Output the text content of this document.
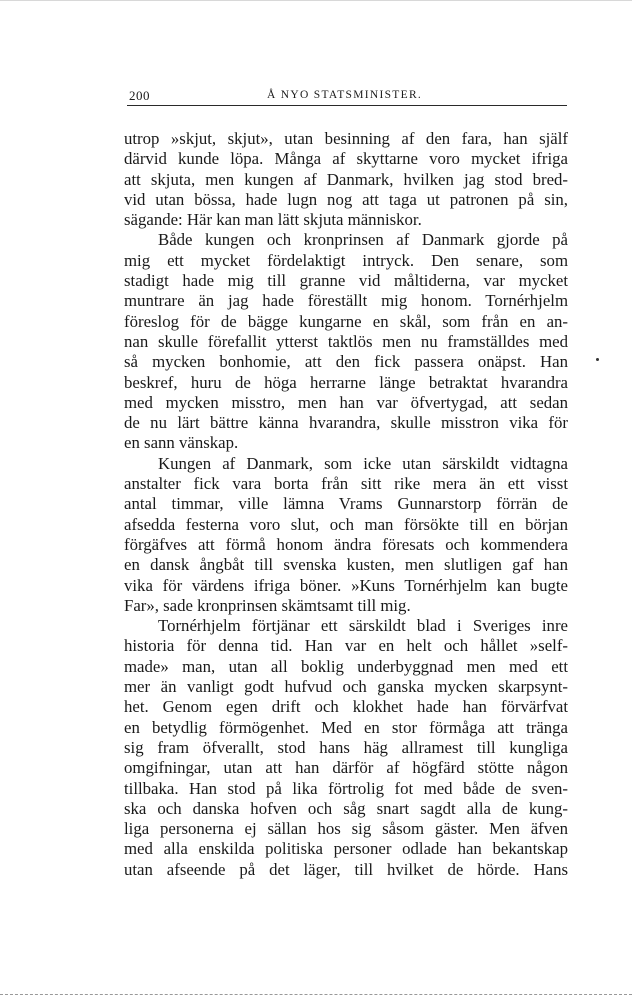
200	Å NYO STATSMINISTER.
utrop »skjut, skjut», utan besinning af den fara, han själf
därvid kunde löpa. Många af skyttarne voro mycket ifriga
att skjuta, men kungen af Danmark, hvilken jag stod bred-
vid utan bössa, hade lugn nog att taga ut patronen på sin,
sägande: Här kan man lätt skjuta människor.
Både kungen och kronprinsen af Danmark gjorde på
mig ett mycket fördelaktigt intryck. Den senare, som
stadigt hade mig till granne vid måltiderna, var mycket
muntrare än jag hade föreställt mig honom. Tornérhjelm
föreslog för de bägge kungarne en skål, som från en an-
nan skulle förefallit ytterst taktlös men nu framställdes med
så mycken bonhomie, att den fick passera onäpst. Han
beskref, huru de höga herrarne länge betraktat hvarandra
med mycken misstro, men han var öfvertygad, att sedan
de nu lärt bättre känna hvarandra, skulle misstron vika för
en sann vänskap.
Kungen af Danmark, som icke utan särskildt vidtagna
anstalter fick vara borta från sitt rike mera än ett visst
antal timmar, ville lämna Vrams Gunnarstorp förrän de
afsedda festerna voro slut, och man försökte till en början
förgäfves att förmå honom ändra föresats och kommendera
en dansk ångbåt till svenska kusten, men slutligen gaf han
vika för värdens ifriga böner. »Kuns Tornérhjelm kan bugte
Far», sade kronprinsen skämtsamt till mig.
Tornérhjelm förtjänar ett särskildt blad i Sveriges inre
historia för denna tid. Han var en helt och hållet »self-
made» man, utan all boklig underbyggnad men med ett
mer än vanligt godt hufvud och ganska mycken skarpsynt-
het. Genom egen drift och klokhet hade han förvärfvat
en betydlig förmögenhet. Med en stor förmåga att tränga
sig fram öfverallt, stod hans häg allramest till kungliga
omgifningar, utan att han därför af högfärd stötte någon
tillbaka. Han stod på lika förtrolig fot med både de sven-
ska och danska hofven och såg snart sagdt alla de kung-
liga personerna ej sällan hos sig såsom gäster. Men äfven
med alla enskilda politiska personer odlade han bekantskap
utan afseende på det läger, till hvilket de hörde. Hans
